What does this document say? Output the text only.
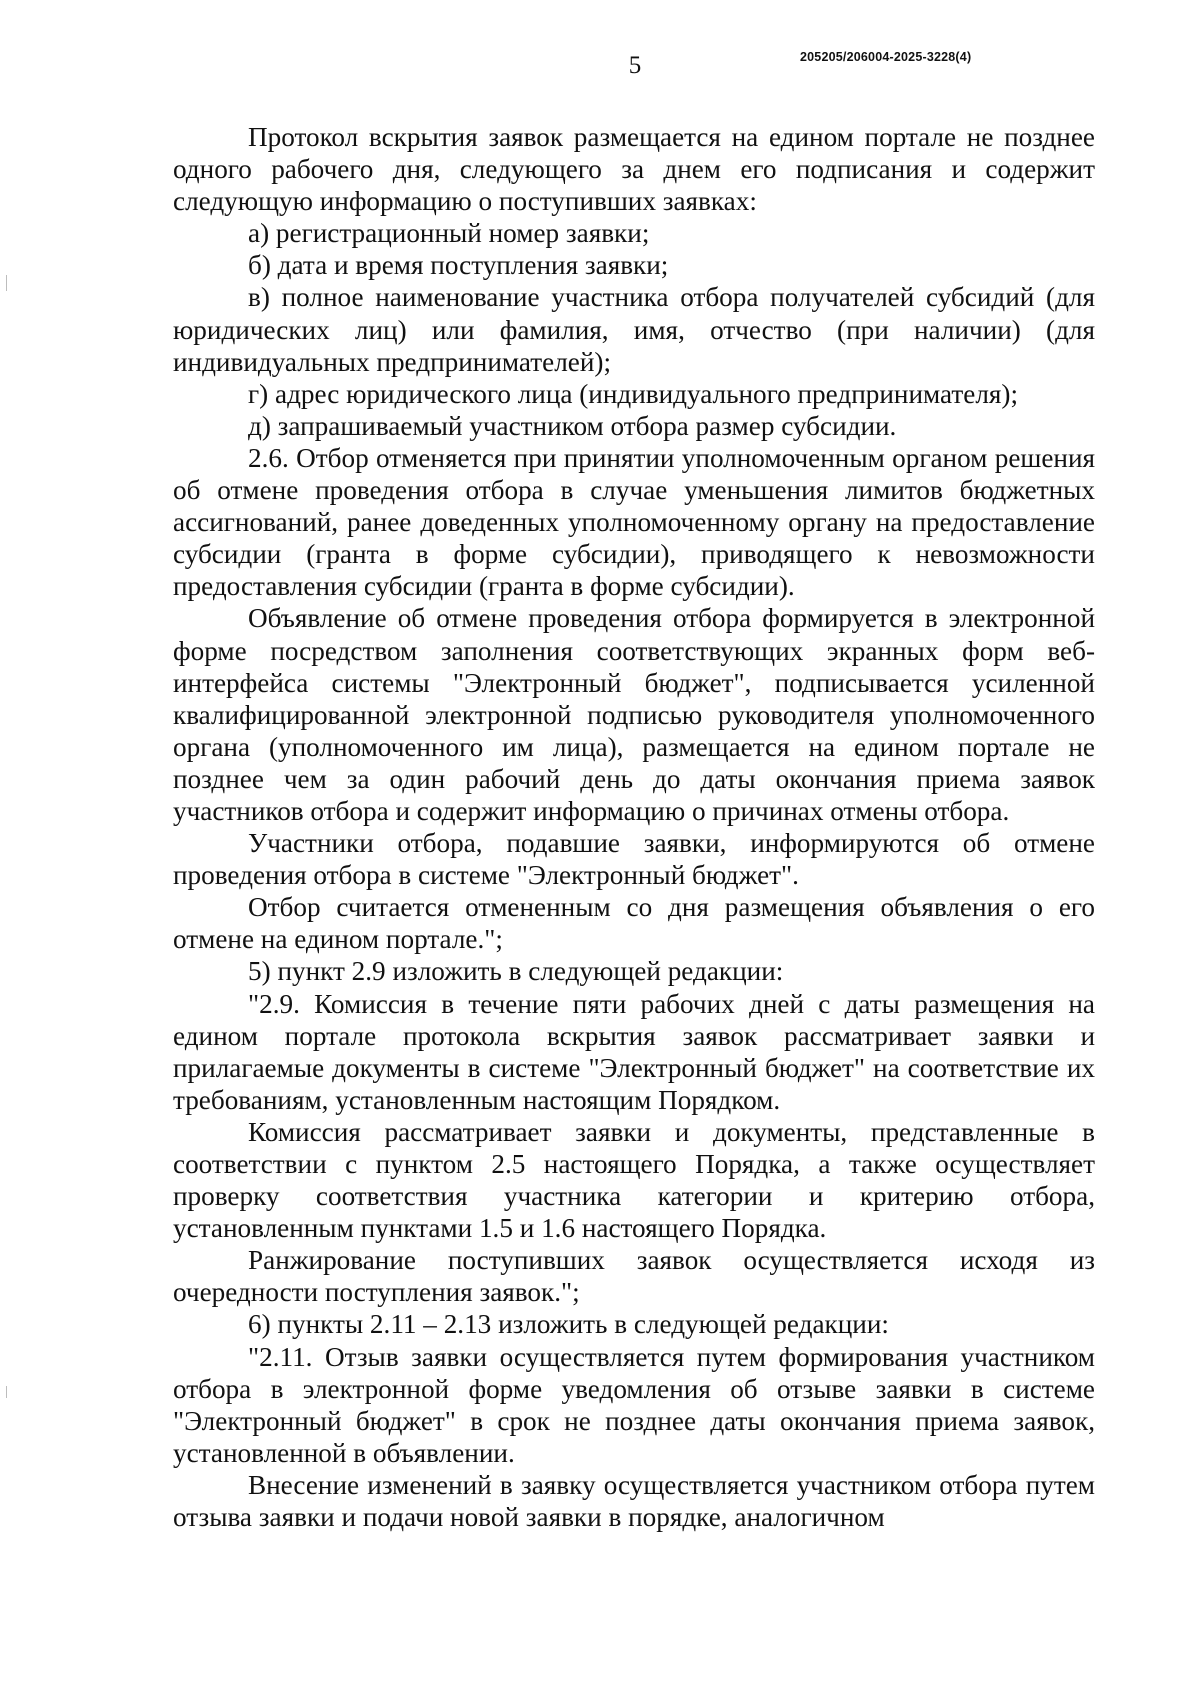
5	205205/206004-2025-3228(4)

Протокол вскрытия заявок размещается на едином портале не позднее одного рабочего дня, следующего за днем его подписания и содержит следующую информацию о поступивших заявках:

а) регистрационный номер заявки;

б) дата и время поступления заявки;

в) полное наименование участника отбора получателей субсидий (для юридических лиц) или фамилия, имя, отчество (при наличии) (для индивидуальных предпринимателей);

г) адрес юридического лица (индивидуального предпринимателя);

д) запрашиваемый участником отбора размер субсидии.

2.6. Отбор отменяется при принятии уполномоченным органом решения об отмене проведения отбора в случае уменьшения лимитов бюджетных ассигнований, ранее доведенных уполномоченному органу на предоставление субсидии (гранта в форме субсидии), приводящего к невозможности предоставления субсидии (гранта в форме субсидии).

Объявление об отмене проведения отбора формируется в электронной форме посредством заполнения соответствующих экранных форм веб-интерфейса системы "Электронный бюджет", подписывается усиленной квалифицированной электронной подписью руководителя уполномоченного органа (уполномоченного им лица), размещается на едином портале не позднее чем за один рабочий день до даты окончания приема заявок участников отбора и содержит информацию о причинах отмены отбора.

Участники отбора, подавшие заявки, информируются об отмене проведения отбора в системе "Электронный бюджет".

Отбор считается отмененным со дня размещения объявления о его отмене на едином портале.";

5) пункт 2.9 изложить в следующей редакции:

"2.9. Комиссия в течение пяти рабочих дней с даты размещения на едином портале протокола вскрытия заявок рассматривает заявки и прилагаемые документы в системе "Электронный бюджет" на соответствие их требованиям, установленным настоящим Порядком.

Комиссия рассматривает заявки и документы, представленные в соответствии с пунктом 2.5 настоящего Порядка, а также осуществляет проверку соответствия участника категории и критерию отбора, установленным пунктами 1.5 и 1.6 настоящего Порядка.

Ранжирование поступивших заявок осуществляется исходя из очередности поступления заявок.";

6) пункты 2.11 – 2.13 изложить в следующей редакции:

"2.11. Отзыв заявки осуществляется путем формирования участником отбора в электронной форме уведомления об отзыве заявки в системе "Электронный бюджет" в срок не позднее даты окончания приема заявок, установленной в объявлении.

Внесение изменений в заявку осуществляется участником отбора путем отзыва заявки и подачи новой заявки в порядке, аналогичном
